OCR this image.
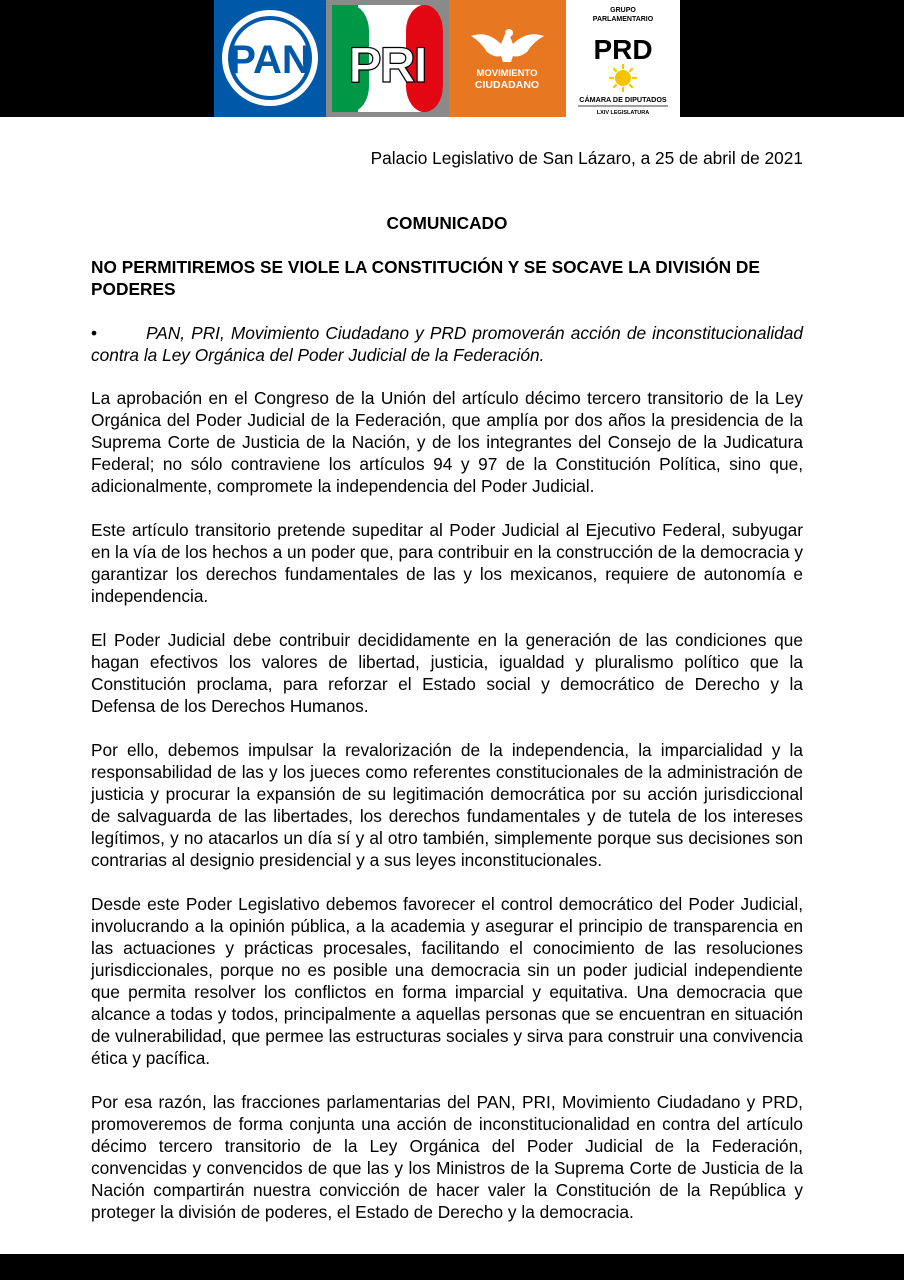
PAN PRI	MOVIMIENTO
CIUDADANO
GRUPO
PARLAMENTARIO
PRD
CÁMARA DE DIPUTADOS
LXIV LEGISLATURA
Palacio Legislativo de San Lázaro, a 25 de abril de 2021
COMUNICADO
NO PERMITIREMOS SE VIOLE LA CONSTITUCIÓN Y SE SOCAVE LA DIVISIÓN DE PODERES
•	PAN, PRI, Movimiento Ciudadano y PRD promoverán acción de inconstitucionalidad contra la Ley Orgánica del Poder Judicial de la Federación.

La aprobación en el Congreso de la Unión del artículo décimo tercero transitorio de la Ley Orgánica del Poder Judicial de la Federación, que amplía por dos años la presidencia de la Suprema Corte de Justicia de la Nación, y de los integrantes del Consejo de la Judicatura Federal; no sólo contraviene los artículos 94 y 97 de la Constitución Política, sino que, adicionalmente, compromete la independencia del Poder Judicial.

Este artículo transitorio pretende supeditar al Poder Judicial al Ejecutivo Federal, subyugar en la vía de los hechos a un poder que, para contribuir en la construcción de la democracia y garantizar los derechos fundamentales de las y los mexicanos, requiere de autonomía e independencia.

El Poder Judicial debe contribuir decididamente en la generación de las condiciones que hagan efectivos los valores de libertad, justicia, igualdad y pluralismo político que la Constitución proclama, para reforzar el Estado social y democrático de Derecho y la Defensa de los Derechos Humanos.

Por ello, debemos impulsar la revalorización de la independencia, la imparcialidad y la responsabilidad de las y los jueces como referentes constitucionales de la administración de justicia y procurar la expansión de su legitimación democrática por su acción jurisdiccional de salvaguarda de las libertades, los derechos fundamentales y de tutela de los intereses legítimos, y no atacarlos un día sí y al otro también, simplemente porque sus decisiones son contrarias al designio presidencial y a sus leyes inconstitucionales.

Desde este Poder Legislativo debemos favorecer el control democrático del Poder Judicial, involucrando a la opinión pública, a la academia y asegurar el principio de transparencia en las actuaciones y prácticas procesales, facilitando el conocimiento de las resoluciones jurisdiccionales, porque no es posible una democracia sin un poder judicial independiente que permita resolver los conflictos en forma imparcial y equitativa. Una democracia que alcance a todas y todos, principalmente a aquellas personas que se encuentran en situación de vulnerabilidad, que permee las estructuras sociales y sirva para construir una convivencia ética y pacífica.

Por esa razón, las fracciones parlamentarias del PAN, PRI, Movimiento Ciudadano y PRD, promoveremos de forma conjunta una acción de inconstitucionalidad en contra del artículo décimo tercero transitorio de la Ley Orgánica del Poder Judicial de la Federación, convencidas y convencidos de que las y los Ministros de la Suprema Corte de Justicia de la Nación compartirán nuestra convicción de hacer valer la Constitución de la República y proteger la división de poderes, el Estado de Derecho y la democracia.
